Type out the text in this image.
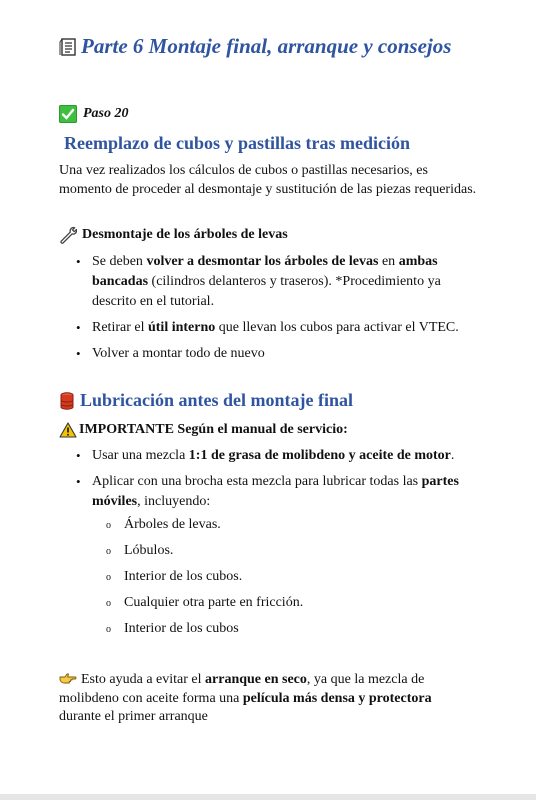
Parte 6 Montaje final, arranque y consejos
Paso 20
Reemplazo de cubos y pastillas tras medición
Una vez realizados los cálculos de cubos o pastillas necesarios, es momento de proceder al desmontaje y sustitución de las piezas requeridas.
Desmontaje de los árboles de levas
• Se deben volver a desmontar los árboles de levas en ambas bancadas (cilindros delanteros y traseros). *Procedimiento ya descrito en el tutorial.
• Retirar el útil interno que llevan los cubos para activar el VTEC.
• Volver a montar todo de nuevo
Lubricación antes del montaje final
IMPORTANTE Según el manual de servicio:
• Usar una mezcla 1:1 de grasa de molibdeno y aceite de motor.
• Aplicar con una brocha esta mezcla para lubricar todas las partes móviles, incluyendo:
o Árboles de levas.
o Lóbulos.
o Interior de los cubos.
o Cualquier otra parte en fricción.
o Interior de los cubos
Esto ayuda a evitar el arranque en seco, ya que la mezcla de molibdeno con aceite forma una película más densa y protectora durante el primer arranque
